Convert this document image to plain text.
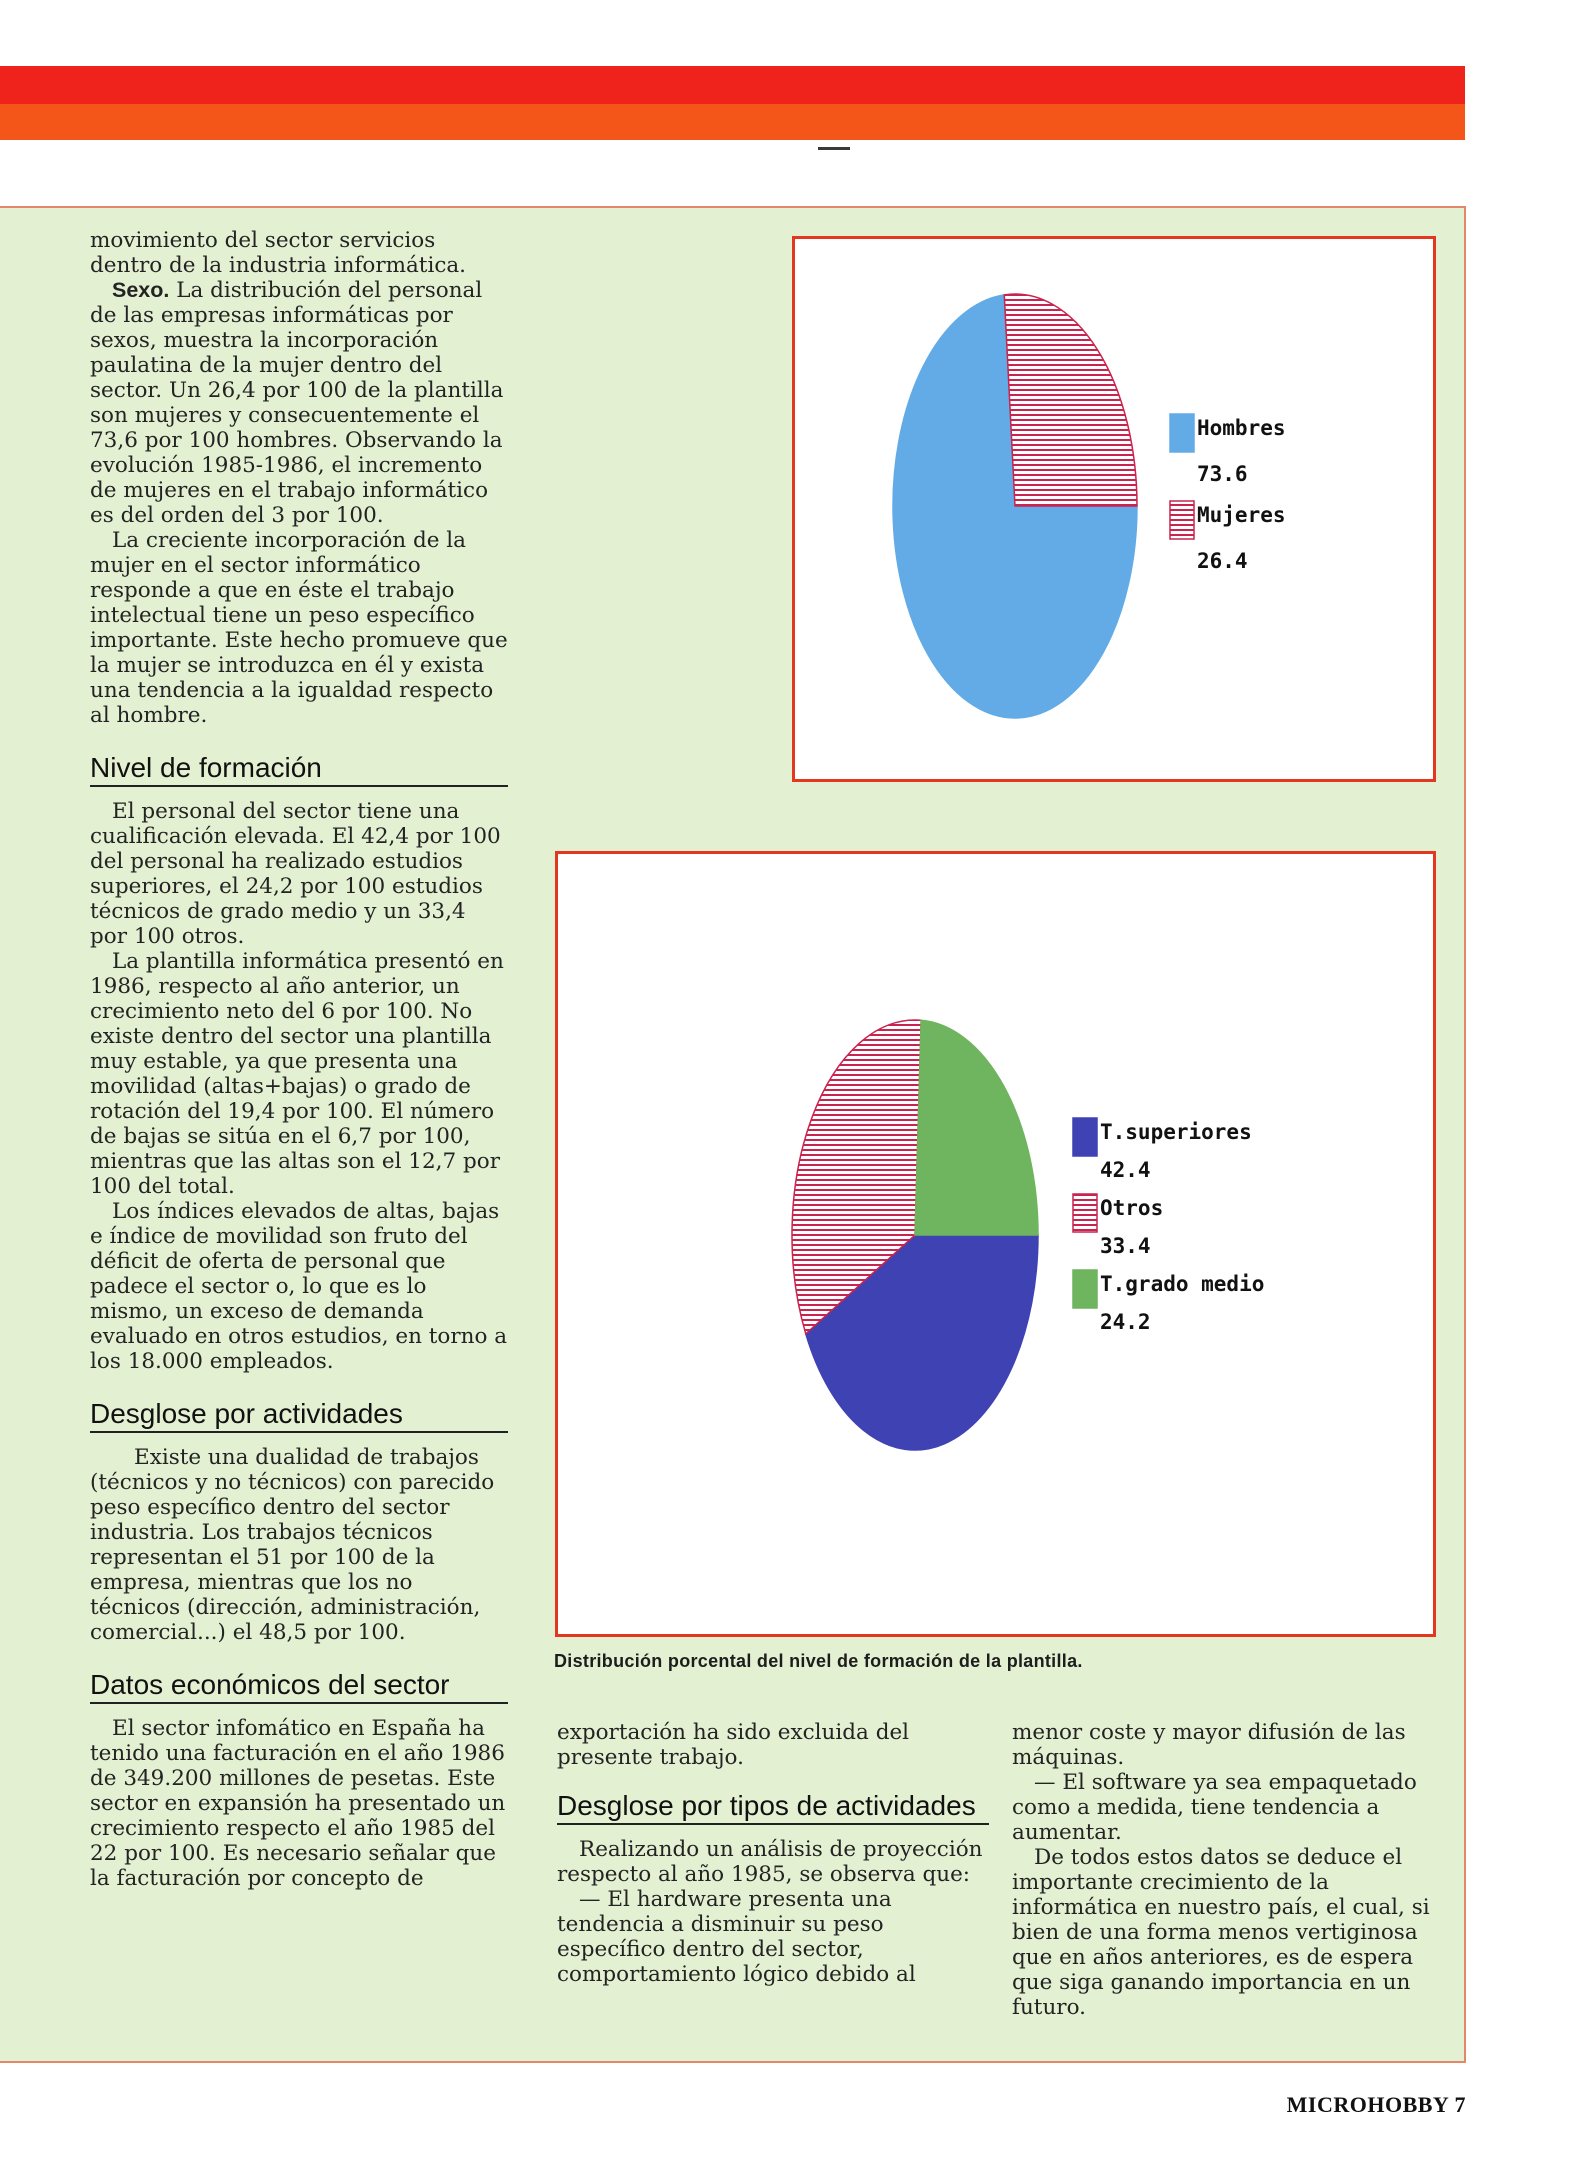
movimiento del sector servicios dentro de la industria informática.

Sexo. La distribución del personal de las empresas informáticas por sexos, muestra la incorporación paulatina de la mujer dentro del sector. Un 26,4 por 100 de la plantilla son mujeres y consecuentemente el 73,6 por 100 hombres. Observando la evolución 1985-1986, el incremento de mujeres en el trabajo informático es del orden del 3 por 100.

La creciente incorporación de la mujer en el sector informático responde a que en éste el trabajo intelectual tiene un peso específico importante. Este hecho promueve que la mujer se introduzca en él y exista una tendencia a la igualdad respecto al hombre.

Nivel de formación

El personal del sector tiene una cualificación elevada. El 42,4 por 100 del personal ha realizado estudios superiores, el 24,2 por 100 estudios técnicos de grado medio y un 33,4 por 100 otros.

La plantilla informática presentó en 1986, respecto al año anterior, un crecimiento neto del 6 por 100. No existe dentro del sector una plantilla muy estable, ya que presenta una movilidad (altas+bajas) o grado de rotación del 19,4 por 100. El número de bajas se sitúa en el 6,7 por 100, mientras que las altas son el 12,7 por 100 del total.

Los índices elevados de altas, bajas e índice de movilidad son fruto del déficit de oferta de personal que padece el sector o, lo que es lo mismo, un exceso de demanda evaluado en otros estudios, en torno a los 18.000 empleados.

Desglose por actividades

Existe una dualidad de trabajos (técnicos y no técnicos) con parecido peso específico dentro del sector industria. Los trabajos técnicos representan el 51 por 100 de la empresa, mientras que los no técnicos (dirección, administración, comercial...) el 48,5 por 100.

Datos económicos del sector

El sector infomático en España ha tenido una facturación en el año 1986 de 349.200 millones de pesetas. Este sector en expansión ha presentado un crecimiento respecto el año 1985 del 22 por 100. Es necesario señalar que la facturación por concepto de

Hombres
73.6
Mujeres
26.4
T.superiores
42.4
Otros
33.4
T.grado medio
24.2
Distribución porcental del nivel de formación de la plantilla.

exportación ha sido excluida del presente trabajo.

Desglose por tipos de actividades

Realizando un análisis de proyección respecto al año 1985, se observa que:

— El hardware presenta una tendencia a disminuir su peso específico dentro del sector, comportamiento lógico debido al

menor coste y mayor difusión de las máquinas.

— El software ya sea empaquetado como a medida, tiene tendencia a aumentar.

De todos estos datos se deduce el importante crecimiento de la informática en nuestro país, el cual, si bien de una forma menos vertiginosa que en años anteriores, es de espera que siga ganando importancia en un futuro.

MICROHOBBY 7
